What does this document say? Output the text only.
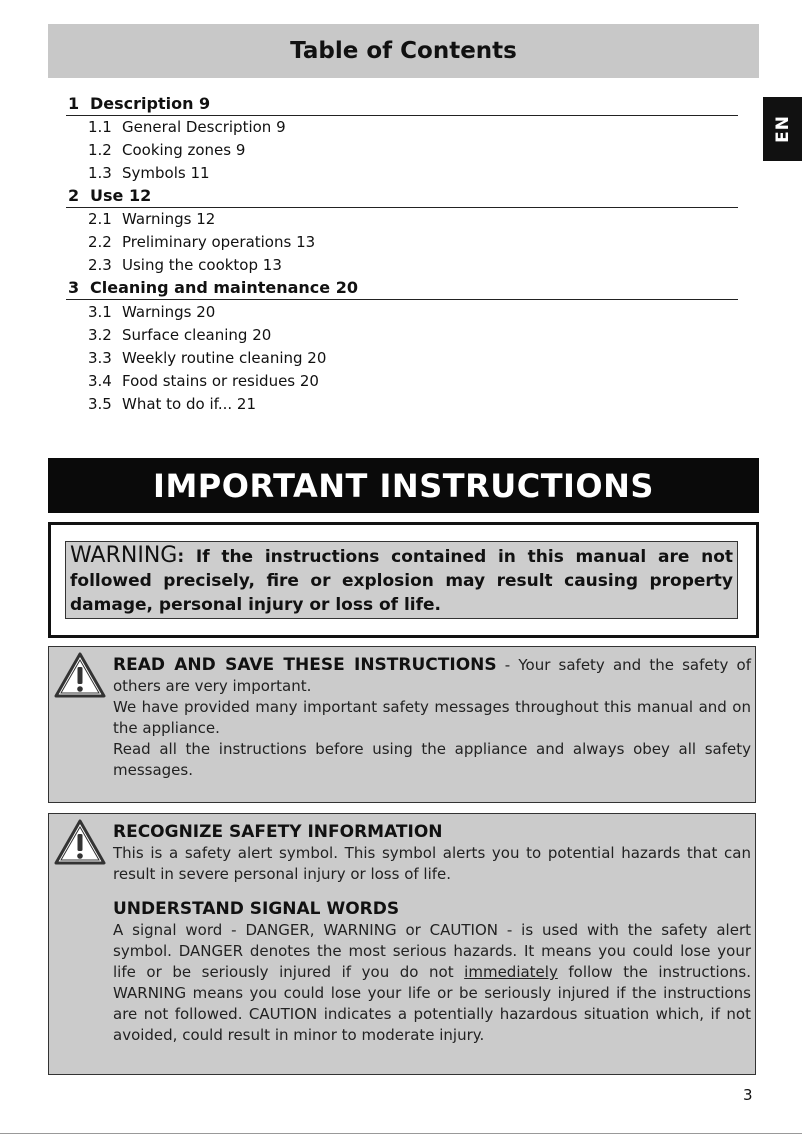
Table of Contents
EN
1 Description 9
1.1 General Description 9
1.2 Cooking zones 9
1.3 Symbols 11
2 Use 12
2.1 Warnings 12
2.2 Preliminary operations 13
2.3 Using the cooktop 13
3 Cleaning and maintenance 20
3.1 Warnings 20
3.2 Surface cleaning 20
3.3 Weekly routine cleaning 20
3.4 Food stains or residues 20
3.5 What to do if... 21
IMPORTANT INSTRUCTIONS
WARNING: If the instructions contained in this manual are not followed precisely, fire or explosion may result causing property damage, personal injury or loss of life.

READ AND SAVE THESE INSTRUCTIONS - Your safety and the safety of others are very important.

We have provided many important safety messages throughout this manual and on the appliance.

Read all the instructions before using the appliance and always obey all safety messages.

RECOGNIZE SAFETY INFORMATION

This is a safety alert symbol. This symbol alerts you to potential hazards that can result in severe personal injury or loss of life.

UNDERSTAND SIGNAL WORDS

A signal word - DANGER, WARNING or CAUTION - is used with the safety alert symbol. DANGER denotes the most serious hazards. It means you could lose your life or be seriously injured if you do not immediately follow the instructions. WARNING means you could lose your life or be seriously injured if the instructions are not followed. CAUTION indicates a potentially hazardous situation which, if not avoided, could result in minor to moderate injury.

3
